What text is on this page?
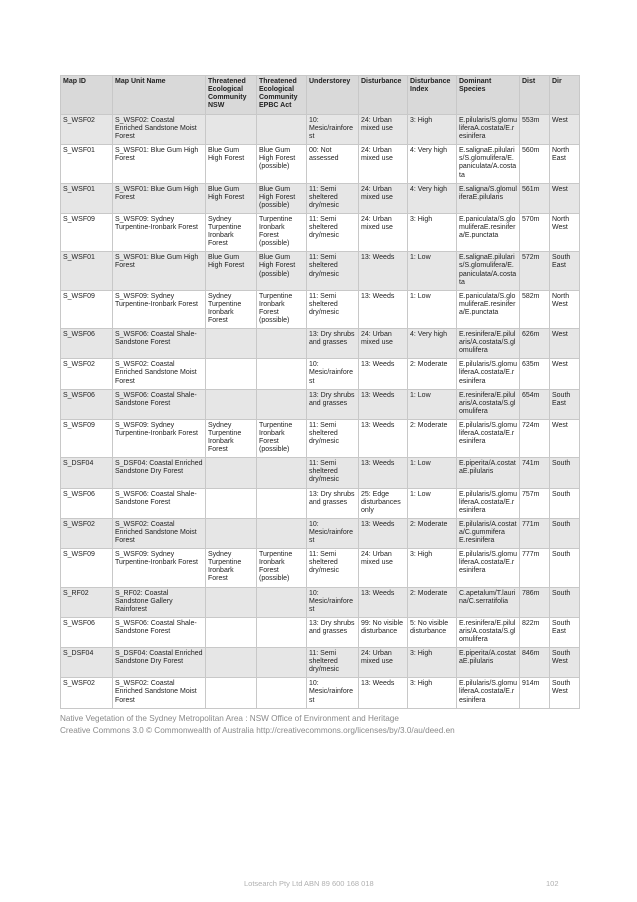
Map ID	Map Unit Name	Threatened Ecological Community NSW	Threatened Ecological Community EPBC Act	Understorey	Disturbance	Disturbance Index	Dominant Species	Dist	Dir
S_WSF02	S_WSF02: Coastal Enriched Sandstone Moist Forest			10: Mesic/rainforest	24: Urban mixed use	3: High	E.pilularis/S.glomuliferaA.costata/E.resinifera	553m	West
S_WSF01	S_WSF01: Blue Gum High Forest	Blue Gum High Forest	Blue Gum High Forest (possible)	00: Not assessed	24: Urban mixed use	4: Very high	E.salignaE.pilularis/S.glomulifera/E.paniculata/A.costata	560m	North East
S_WSF01	S_WSF01: Blue Gum High Forest	Blue Gum High Forest	Blue Gum High Forest (possible)	11: Semi sheltered dry/mesic	24: Urban mixed use	4: Very high	E.saligna/S.glomuliferaE.pilularis	561m	West
S_WSF09	S_WSF09: Sydney Turpentine-Ironbark Forest	Sydney Turpentine Ironbark Forest	Turpentine Ironbark Forest (possible)	11: Semi sheltered dry/mesic	24: Urban mixed use	3: High	E.paniculata/S.glomuliferaE.resinifera/E.punctata	570m	North West
S_WSF01	S_WSF01: Blue Gum High Forest	Blue Gum High Forest	Blue Gum High Forest (possible)	11: Semi sheltered dry/mesic	13: Weeds	1: Low	E.salignaE.pilularis/S.glomulifera/E.paniculata/A.costata	572m	South East
S_WSF09	S_WSF09: Sydney Turpentine-Ironbark Forest	Sydney Turpentine Ironbark Forest	Turpentine Ironbark Forest (possible)	11: Semi sheltered dry/mesic	13: Weeds	1: Low	E.paniculata/S.glomuliferaE.resinifera/E.punctata	582m	North West
S_WSF06	S_WSF06: Coastal Shale-Sandstone Forest			13: Dry shrubs and grasses	24: Urban mixed use	4: Very high	E.resinifera/E.pilularis/A.costata/S.glomulifera	626m	West
S_WSF02	S_WSF02: Coastal Enriched Sandstone Moist Forest			10: Mesic/rainforest	13: Weeds	2: Moderate	E.pilularis/S.glomuliferaA.costata/E.resinifera	635m	West
S_WSF06	S_WSF06: Coastal Shale-Sandstone Forest			13: Dry shrubs and grasses	13: Weeds	1: Low	E.resinifera/E.pilularis/A.costata/S.glomulifera	654m	South East
S_WSF09	S_WSF09: Sydney Turpentine-Ironbark Forest	Sydney Turpentine Ironbark Forest	Turpentine Ironbark Forest (possible)	11: Semi sheltered dry/mesic	13: Weeds	2: Moderate	E.pilularis/S.glomuliferaA.costata/E.resinifera	724m	West
S_DSF04	S_DSF04: Coastal Enriched Sandstone Dry Forest			11: Semi sheltered dry/mesic	13: Weeds	1: Low	E.piperita/A.costataE.pilularis	741m	South
S_WSF06	S_WSF06: Coastal Shale-Sandstone Forest			13: Dry shrubs and grasses	25: Edge disturbances only	1: Low	E.pilularis/S.glomuliferaA.costata/E.resinifera	757m	South
S_WSF02	S_WSF02: Coastal Enriched Sandstone Moist Forest			10: Mesic/rainforest	13: Weeds	2: Moderate	E.pilularis/A.costata/C.gummifera E.resinifera	771m	South
S_WSF09	S_WSF09: Sydney Turpentine-Ironbark Forest	Sydney Turpentine Ironbark Forest	Turpentine Ironbark Forest (possible)	11: Semi sheltered dry/mesic	24: Urban mixed use	3: High	E.pilularis/S.glomuliferaA.costata/E.resinifera	777m	South
S_RF02	S_RF02: Coastal Sandstone Gallery Rainforest			10: Mesic/rainforest	13: Weeds	2: Moderate	C.apetalum/T.laurina/C.serratifolia	786m	South
S_WSF06	S_WSF06: Coastal Shale-Sandstone Forest			13: Dry shrubs and grasses	99: No visible disturbance	5: No visible disturbance	E.resinifera/E.pilularis/A.costata/S.glomulifera	822m	South East
S_DSF04	S_DSF04: Coastal Enriched Sandstone Dry Forest			11: Semi sheltered dry/mesic	24: Urban mixed use	3: High	E.piperita/A.costataE.pilularis	846m	South West
S_WSF02	S_WSF02: Coastal Enriched Sandstone Moist Forest			10: Mesic/rainforest	13: Weeds	3: High	E.pilularis/S.glomuliferaA.costata/E.resinifera	914m	South West
Native Vegetation of the Sydney Metropolitan Area : NSW Office of Environment and Heritage
Creative Commons 3.0 © Commonwealth of Australia http://creativecommons.org/licenses/by/3.0/au/deed.en
Lotsearch Pty Ltd ABN 89 600 168 018	102
